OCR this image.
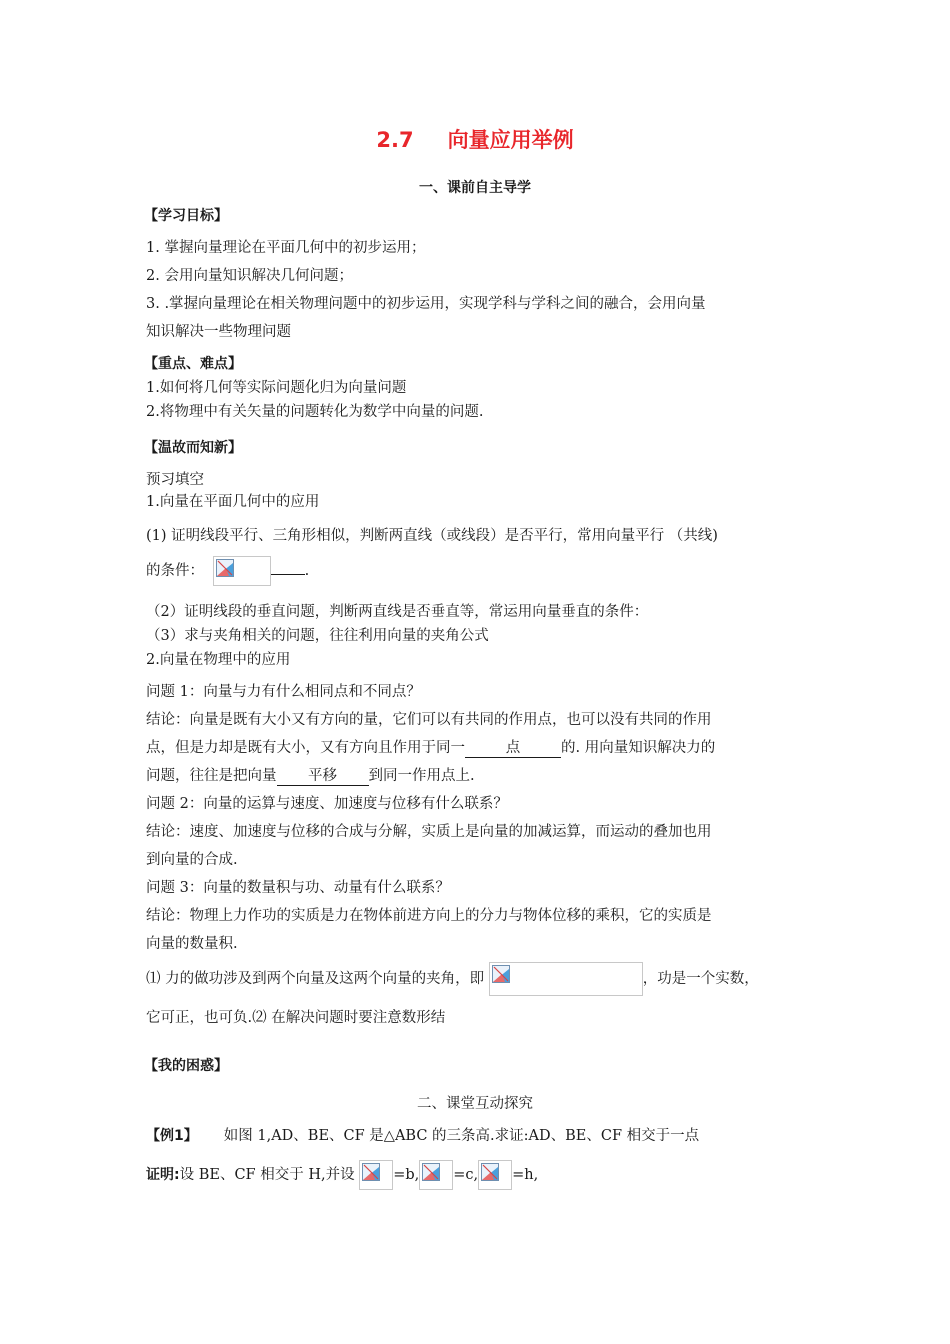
2.7 向量应用举例
一、课前自主导学
【学习目标】
1. 掌握向量理论在平面几何中的初步运用；
2. 会用向量知识解决几何问题；
3. .掌握向量理论在相关物理问题中的初步运用，实现学科与学科之间的融合，会用向量
知识解决一些物理问题
【重点、难点】
1.如何将几何等实际问题化归为向量问题
2.将物理中有关矢量的问题转化为数学中向量的问题.
【温故而知新】
预习填空
1.向量在平面几何中的应用
(1) 证明线段平行、三角形相似，判断两直线（或线段）是否平行，常用向量平行 （共线)
的条件：	.
（2）证明线段的垂直问题，判断两直线是否垂直等，常运用向量垂直的条件：
（3）求与夹角相关的问题，往往利用向量的夹角公式
2.向量在物理中的应用
问题 1：向量与力有什么相同点和不同点？
结论：向量是既有大小又有方向的量，它们可以有共同的作用点，也可以没有共同的作用
点，但是力却是既有大小，又有方向且作用于同一	点	的. 用向量知识解决力的
问题，往往是把向量 平移 到同一作用点上.
问题 2：向量的运算与速度、加速度与位移有什么联系？
结论：速度、加速度与位移的合成与分解，实质上是向量的加减运算，而运动的叠加也用
到向量的合成.
问题 3：向量的数量积与功、动量有什么联系？
结论：物理上力作功的实质是力在物体前进方向上的分力与物体位移的乘积，它的实质是
向量的数量积.
⑴ 力的做功涉及到两个向量及这两个向量的夹角，即	，功是一个实数，
它可正，也可负.⑵ 在解决问题时要注意数形结
【我的困惑】
二、课堂互动探究
【例1】 如图 1,AD、BE、CF 是△ABC 的三条高.求证:AD、BE、CF 相交于一点
证明:设 BE、CF 相交于 H,并设	=b, =c, =h,
